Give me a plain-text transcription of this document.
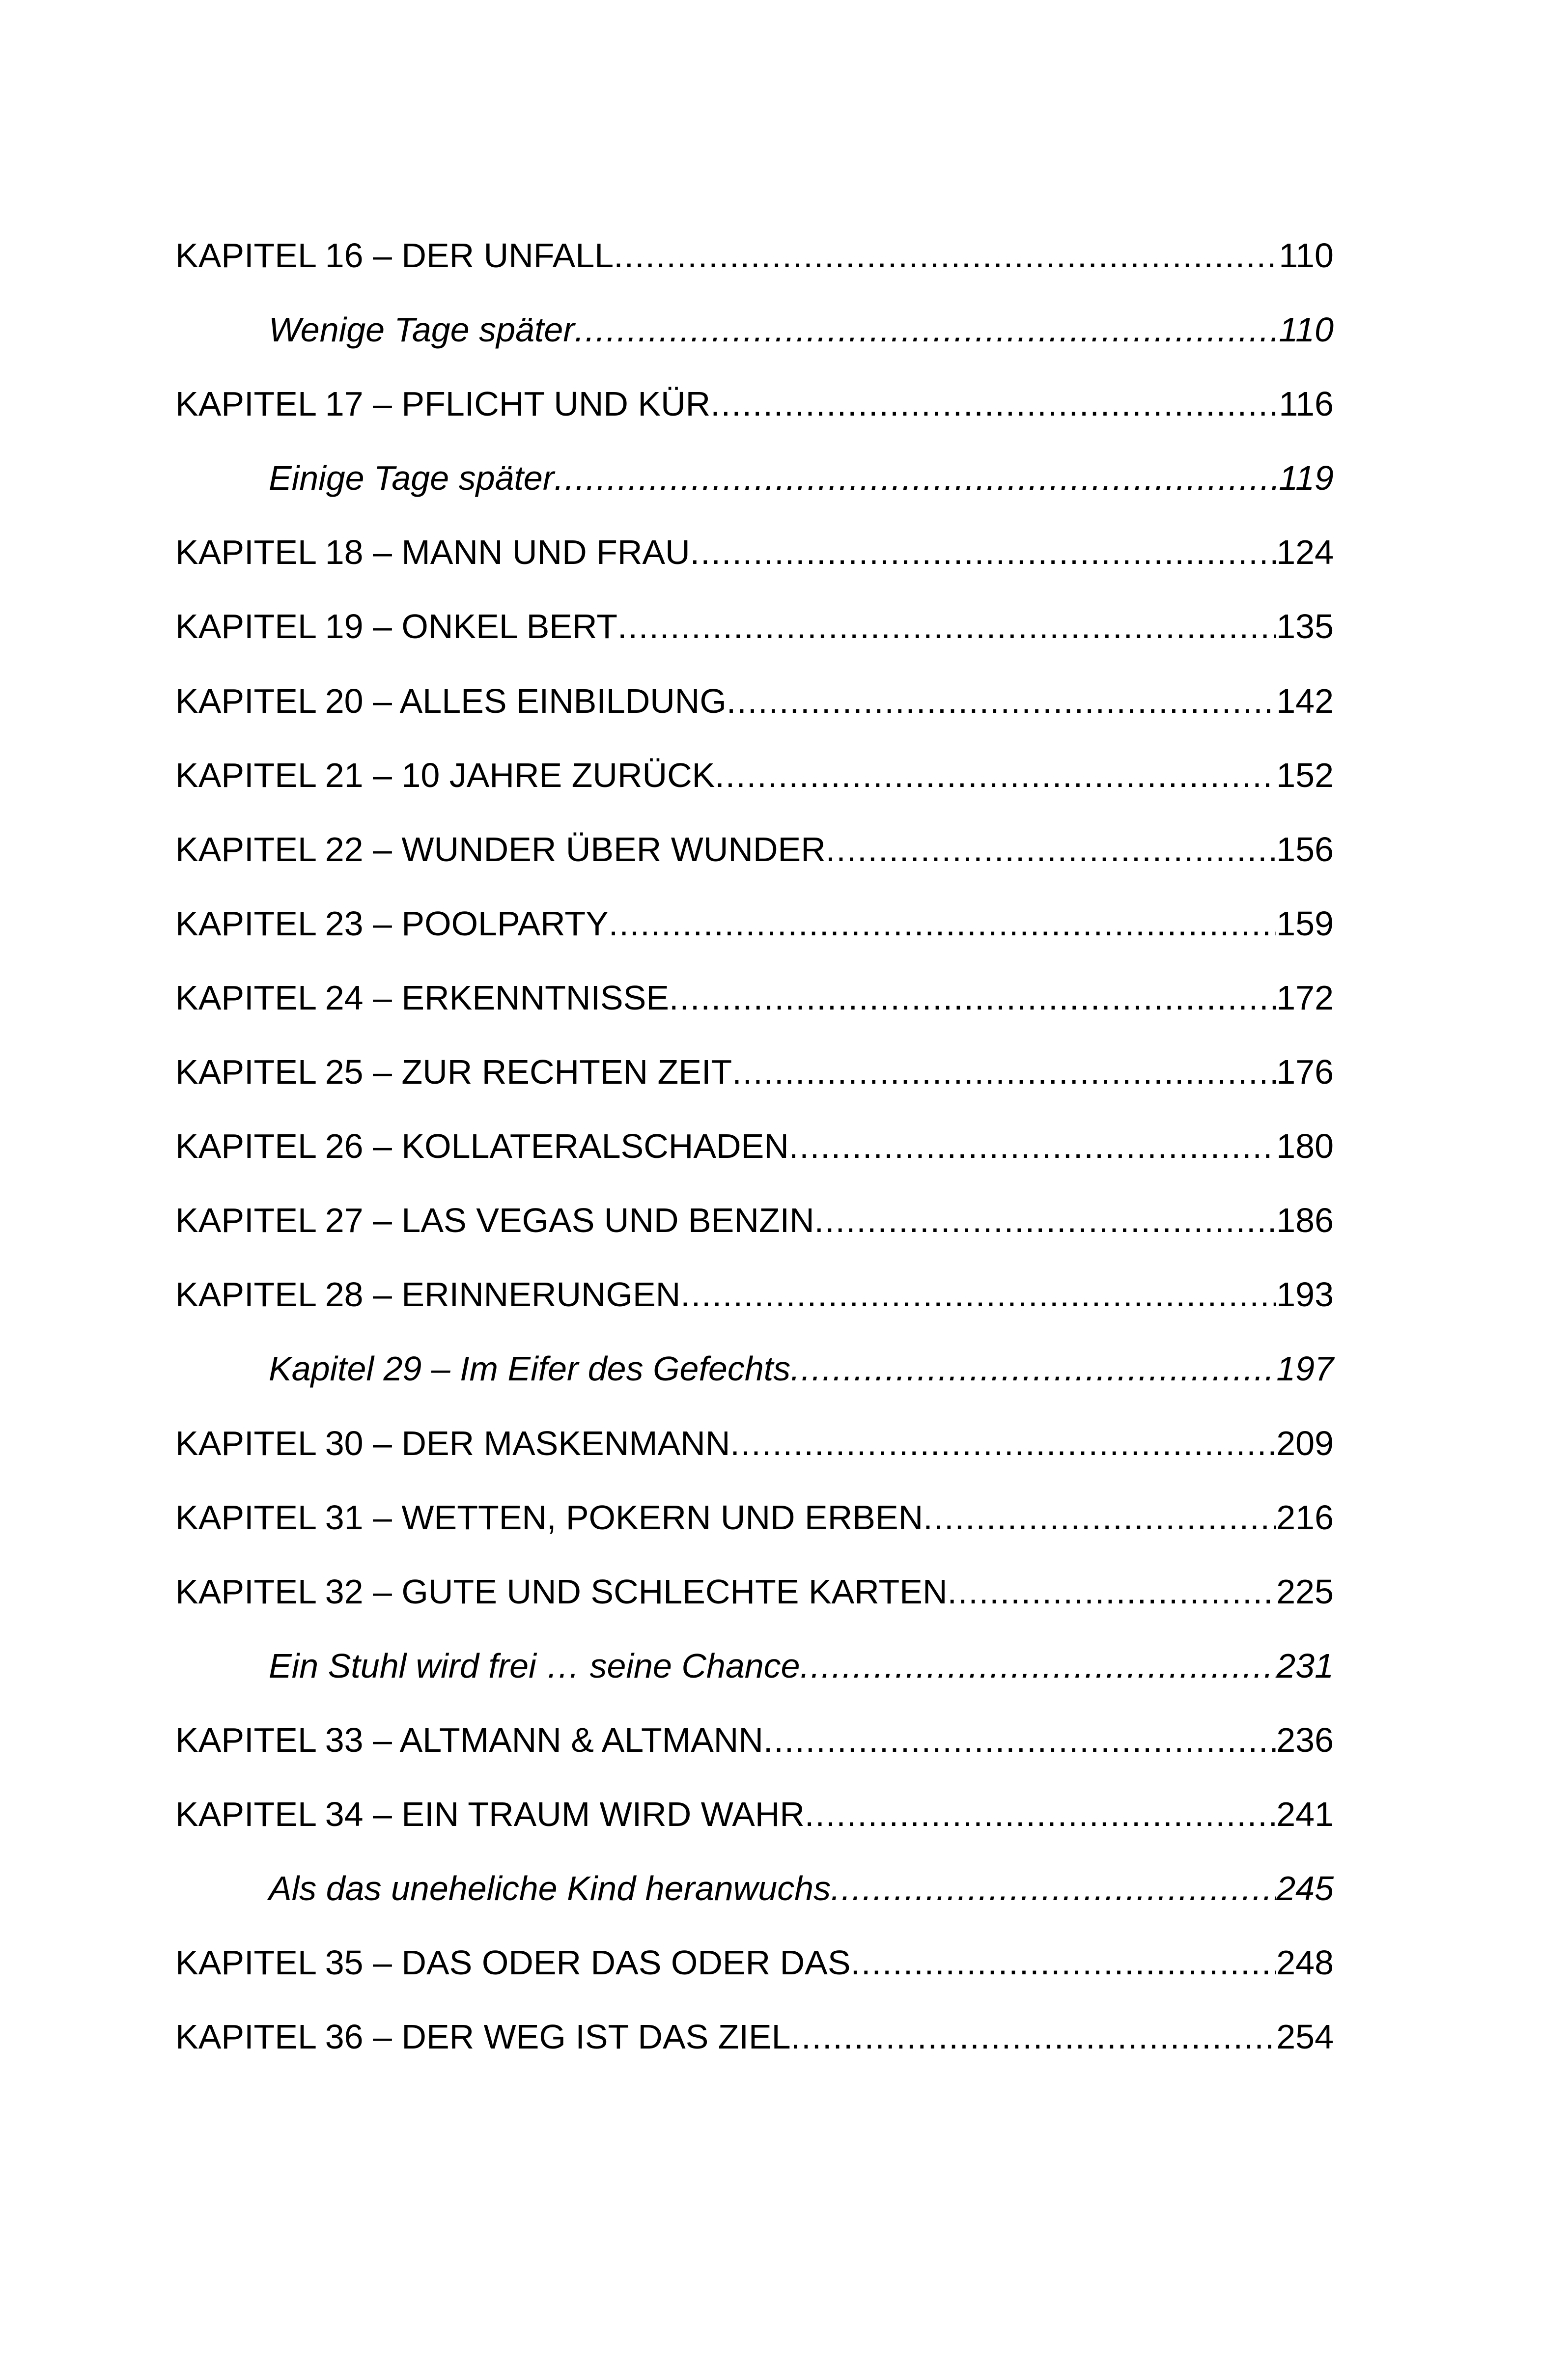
KAPITEL 16 – DER UNFALL .....	110
Wenige Tage später .....	110
KAPITEL 17 – PFLICHT UND KÜR .....	116
Einige Tage später .....	119
KAPITEL 18 – MANN UND FRAU .....	124
KAPITEL 19 – ONKEL BERT .....	135
KAPITEL 20 – ALLES EINBILDUNG .....	142
KAPITEL 21 – 10 JAHRE ZURÜCK .....	152
KAPITEL 22 – WUNDER ÜBER WUNDER .....	156
KAPITEL 23 – POOLPARTY .....	159
KAPITEL 24 – ERKENNTNISSE .....	172
KAPITEL 25 – ZUR RECHTEN ZEIT .....	176
KAPITEL 26 – KOLLATERALSCHADEN .....	180
KAPITEL 27 – LAS VEGAS UND BENZIN .....	186
KAPITEL 28 – ERINNERUNGEN .....	193
Kapitel 29 – Im Eifer des Gefechts .....	197
KAPITEL 30 – DER MASKENMANN .....	209
KAPITEL 31 – WETTEN, POKERN UND ERBEN .....	216
KAPITEL 32 – GUTE UND SCHLECHTE KARTEN .....	225
Ein Stuhl wird frei … seine Chance .....	231
KAPITEL 33 – ALTMANN & ALTMANN .....	236
KAPITEL 34 – EIN TRAUM WIRD WAHR .....	241
Als das uneheliche Kind heranwuchs .....	245
KAPITEL 35 – DAS ODER DAS ODER DAS .....	248
KAPITEL 36 – DER WEG IST DAS ZIEL .....	254
